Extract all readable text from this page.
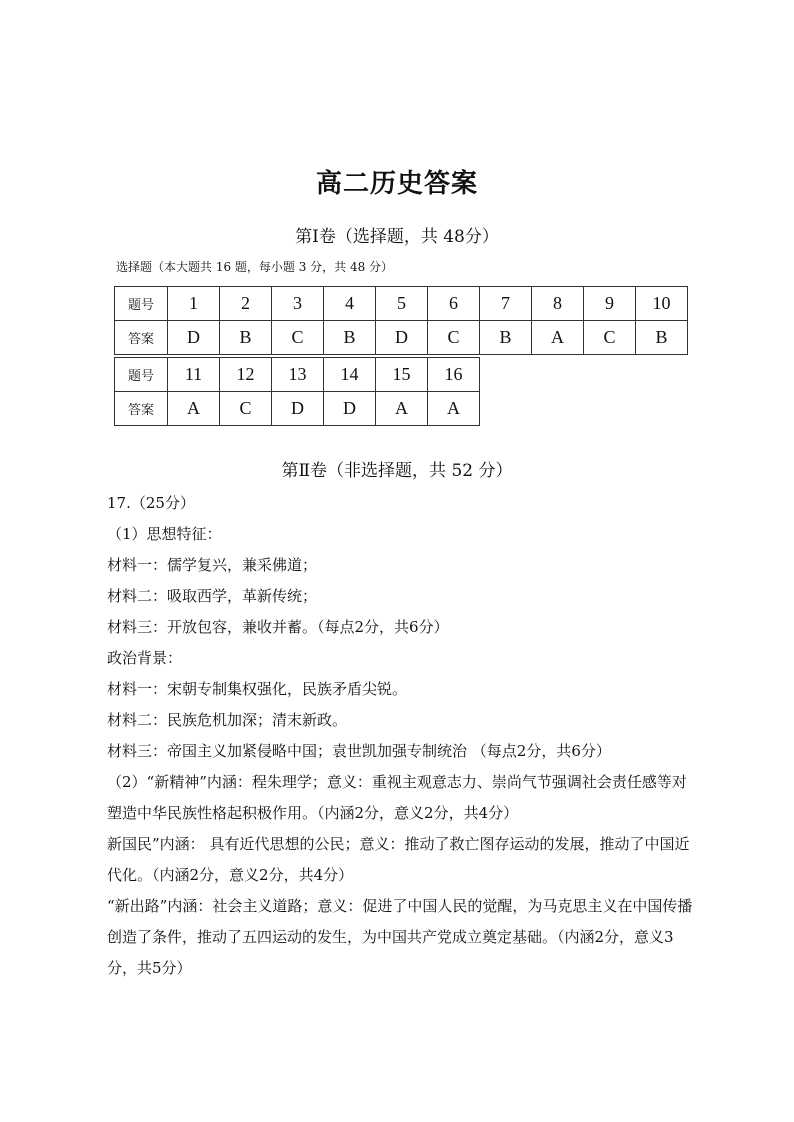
高二历史答案
第Ⅰ卷（选择题，共 48分）
选择题（本大题共 16 题，每小题 3 分，共 48 分）
题号	1	2	3	4	5	6	7	8	9	10
答案	D	B	C	B	D	C	B	A	C	B
题号	11	12	13	14	15	16
答案	A	C	D	D	A	A
第Ⅱ卷（非选择题，共 52 分）
17.（25分）
（1）思想特征：
材料一：儒学复兴，兼采佛道；
材料二：吸取西学，革新传统；
材料三：开放包容，兼收并蓄。（每点2分，共6分）
政治背景：
材料一：宋朝专制集权强化，民族矛盾尖锐。
材料二：民族危机加深；清末新政。
材料三：帝国主义加紧侵略中国；袁世凯加强专制统治 （每点2分，共6分）
（2）“新精神”内涵：程朱理学；意义：重视主观意志力、崇尚气节强调社会责任感等对塑造中华民族性格起积极作用。（内涵2分，意义2分，共4分）
新国民”内涵： 具有近代思想的公民；意义：推动了救亡图存运动的发展，推动了中国近代化。（内涵2分，意义2分，共4分）
“新出路”内涵：社会主义道路；意义：促进了中国人民的觉醒，为马克思主义在中国传播创造了条件，推动了五四运动的发生，为中国共产党成立奠定基础。（内涵2分，意义3分，共5分）
